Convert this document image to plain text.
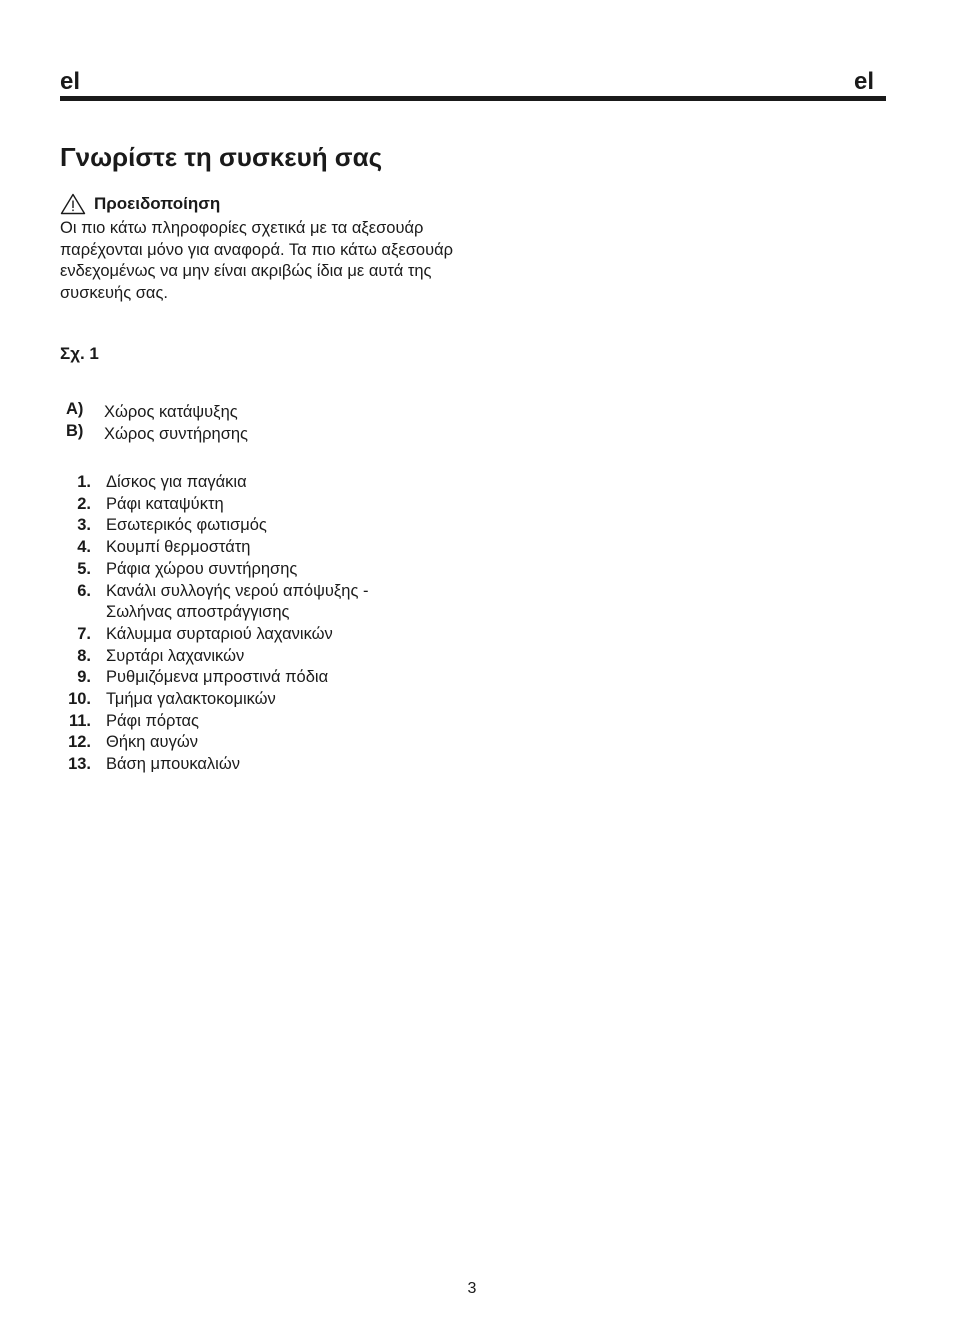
el	el
Γνωρίστε τη συσκευή σας
Προειδοποίηση

Οι πιο κάτω πληροφορίες σχετικά με τα αξεσουάρ παρέχονται μόνο για αναφορά. Τα πιο κάτω αξεσουάρ ενδεχομένως να μην είναι ακριβώς ίδια με αυτά της συσκευής σας.

Σχ. 1
A)	Χώρος κατάψυξης
B)	Χώρος συντήρησης
1. Δίσκος για παγάκια
2. Ράφι καταψύκτη
3. Εσωτερικός φωτισμός
4. Κουμπί θερμοστάτη
5. Ράφια χώρου συντήρησης
6. Κανάλι συλλογής νερού απόψυξης - Σωλήνας αποστράγγισης
7. Κάλυμμα συρταριού λαχανικών
8. Συρτάρι λαχανικών
9. Ρυθμιζόμενα μπροστινά πόδια
10. Τμήμα γαλακτοκομικών
11. Ράφι πόρτας
12. Θήκη αυγών
13. Βάση μπουκαλιών
3
